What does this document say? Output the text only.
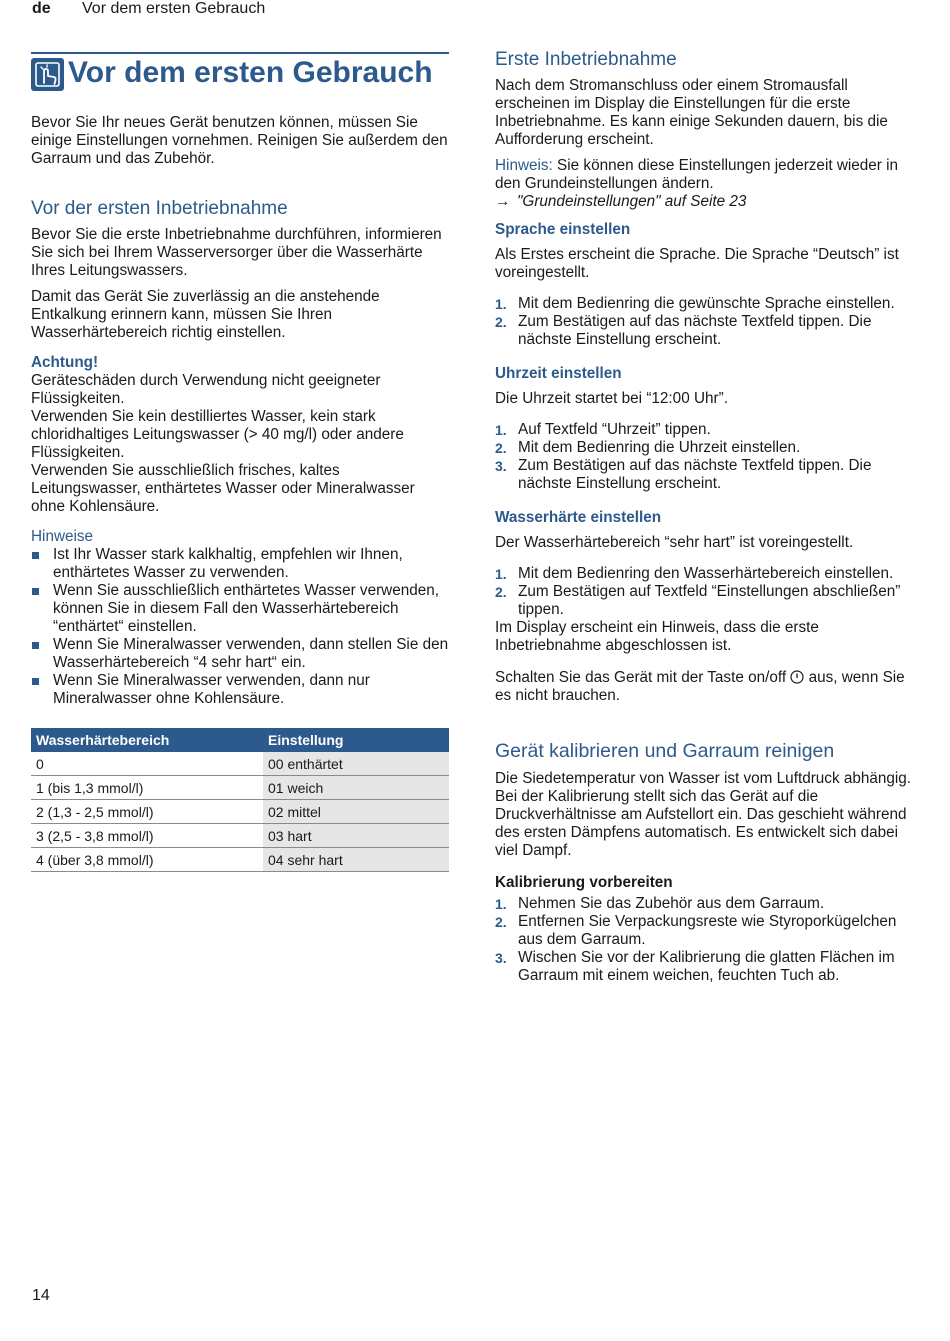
de Vor dem ersten Gebrauch
Vor dem ersten Gebrauch

Bevor Sie Ihr neues Gerät benutzen können, müssen Sie einige Einstellungen vornehmen. Reinigen Sie außerdem den Garraum und das Zubehör.

Vor der ersten Inbetriebnahme

Bevor Sie die erste Inbetriebnahme durchführen, informieren Sie sich bei Ihrem Wasserversorger über die Wasserhärte Ihres Leitungswassers.

Damit das Gerät Sie zuverlässig an die anstehende Entkalkung erinnern kann, müssen Sie Ihren Wasserhärtebereich richtig einstellen.

Achtung!

Geräteschäden durch Verwendung nicht geeigneter Flüssigkeiten.

Verwenden Sie kein destilliertes Wasser, kein stark chloridhaltiges Leitungswasser (> 40 mg/l) oder andere Flüssigkeiten.

Verwenden Sie ausschließlich frisches, kaltes Leitungswasser, enthärtetes Wasser oder Mineralwasser ohne Kohlensäure.

Hinweise
Ist Ihr Wasser stark kalkhaltig, empfehlen wir Ihnen, enthärtetes Wasser zu verwenden.
Wenn Sie ausschließlich enthärtetes Wasser verwenden, können Sie in diesem Fall den Wasserhärtebereich “enthärtet“ einstellen.
Wenn Sie Mineralwasser verwenden, dann stellen Sie den Wasserhärtebereich “4 sehr hart“ ein.
Wenn Sie Mineralwasser verwenden, dann nur Mineralwasser ohne Kohlensäure.
Wasserhärtebereich	Einstellung
0	00 enthärtet
1 (bis 1,3 mmol/l)	01 weich
2 (1,3 - 2,5 mmol/l)	02 mittel
3 (2,5 - 3,8 mmol/l)	03 hart
4 (über 3,8 mmol/l)	04 sehr hart
Erste Inbetriebnahme

Nach dem Stromanschluss oder einem Stromausfall erscheinen im Display die Einstellungen für die erste Inbetriebnahme. Es kann einige Sekunden dauern, bis die Aufforderung erscheint.

Hinweis: Sie können diese Einstellungen jederzeit wieder in den Grundeinstellungen ändern.

→ "Grundeinstellungen" auf Seite 23

Sprache einstellen

Als Erstes erscheint die Sprache. Die Sprache “Deutsch” ist voreingestellt.

1. Mit dem Bedienring die gewünschte Sprache einstellen.
2. Zum Bestätigen auf das nächste Textfeld tippen. Die nächste Einstellung erscheint.
Uhrzeit einstellen

Die Uhrzeit startet bei “12:00 Uhr”.

1. Auf Textfeld “Uhrzeit” tippen.
2. Mit dem Bedienring die Uhrzeit einstellen.
3. Zum Bestätigen auf das nächste Textfeld tippen. Die nächste Einstellung erscheint.
Wasserhärte einstellen

Der Wasserhärtebereich “sehr hart” ist voreingestellt.

1. Mit dem Bedienring den Wasserhärtebereich einstellen.
2. Zum Bestätigen auf Textfeld “Einstellungen abschließen” tippen.

Im Display erscheint ein Hinweis, dass die erste Inbetriebnahme abgeschlossen ist.

Schalten Sie das Gerät mit der Taste on/off  aus, wenn Sie es nicht brauchen.

Gerät kalibrieren und Garraum reinigen

Die Siedetemperatur von Wasser ist vom Luftdruck abhängig. Bei der Kalibrierung stellt sich das Gerät auf die Druckverhältnisse am Aufstellort ein. Das geschieht während des ersten Dämpfens automatisch. Es entwickelt sich dabei viel Dampf.

Kalibrierung vorbereiten
1. Nehmen Sie das Zubehör aus dem Garraum.
2. Entfernen Sie Verpackungsreste wie Styroporkügelchen aus dem Garraum.
3. Wischen Sie vor der Kalibrierung die glatten Flächen im Garraum mit einem weichen, feuchten Tuch ab.
14
